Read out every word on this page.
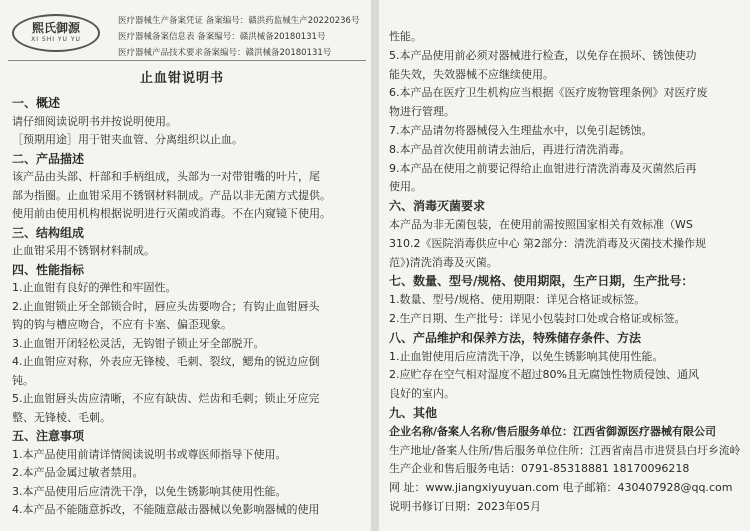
熙氏御源
XI SHI YU YU
医疗器械生产备案凭证 备案编号：赣洪药监械生产20220236号
医疗器械备案信息表 备案编号：赣洪械备20180131号
医疗器械产品技术要求备案编号：赣洪械备20180131号
止血钳说明书
一、概述
请仔细阅读说明书并按说明使用。
［预期用途］用于钳夹血管、分离组织以止血。
二、产品描述
该产品由头部、杆部和手柄组成，头部为一对带钳嘴的叶片，尾
部为指圈。止血钳采用不锈钢材料制成。产品以非无菌方式提供。
使用前由使用机构根据说明进行灭菌或消毒。不在内窥镜下使用。
三、结构组成
止血钳采用不锈钢材料制成。
四、性能指标
1.止血钳有良好的弹性和牢固性。
2.止血钳锁止牙全部锁合时，唇应头齿要吻合；有钩止血钳唇头
钩的钩与槽应吻合，不应有卡塞、偏歪现象。
3.止血钳开闭轻松灵活，无钩钳子锁止牙全部脱开。
4.止血钳应对称，外表应无锋棱、毛刺、裂纹，鳃角的锐边应倒
钝。
5.止血钳唇头齿应清晰，不应有缺齿、烂齿和毛刺；锁止牙应完
整、无锋棱、毛刺。
五、注意事项
1.本产品使用前请详情阅读说明书或尊医师指导下使用。
2.本产品金属过敏者禁用。
3.本产品使用后应清洗干净，以免生锈影响其使用性能。
4.本产品不能随意拆改，不能随意敲击器械以免影响器械的使用
性能。
5.本产品使用前必须对器械进行检查，以免存在损坏、锈蚀使功
能失效，失效器械不应继续使用。
6.本产品在医疗卫生机构应当根据《医疗废物管理条例》对医疗废
物进行管理。
7.本产品请勿将器械侵入生理盐水中，以免引起锈蚀。
8.本产品首次使用前请去油后，再进行清洗消毒。
9.本产品在使用之前要记得给止血钳进行清洗消毒及灭菌然后再
使用。
六、消毒灭菌要求
本产品为非无菌包装，在使用前需按照国家相关有效标准（WS
310.2《医院消毒供应中心 第2部分：清洗消毒及灭菌技术操作规
范》)清洗消毒及灭菌。
七、数量、型号/规格、使用期限，生产日期，生产批号：
1.数量、型号/规格、使用期限：详见合格证或标签。
2.生产日期、生产批号：详见小包装封口处或合格证或标签。
八、产品维护和保养方法，特殊储存条件、方法
1.止血钳使用后应清洗干净，以免生锈影响其使用性能。
2.应贮存在空气相对湿度不超过80%且无腐蚀性物质侵蚀、通风
良好的室内。
九、其他
企业名称/备案人名称/售后服务单位：江西省御源医疗器械有限公司
生产地址/备案人住所/售后服务单位住所：江西省南昌市进贤县白圩乡流岭
生产企业和售后服务电话：0791-85318881 18170096218
网 址：www.jiangxiyuyuan.com 电子邮箱：430407928@qq.com
说明书修订日期：2023年05月
